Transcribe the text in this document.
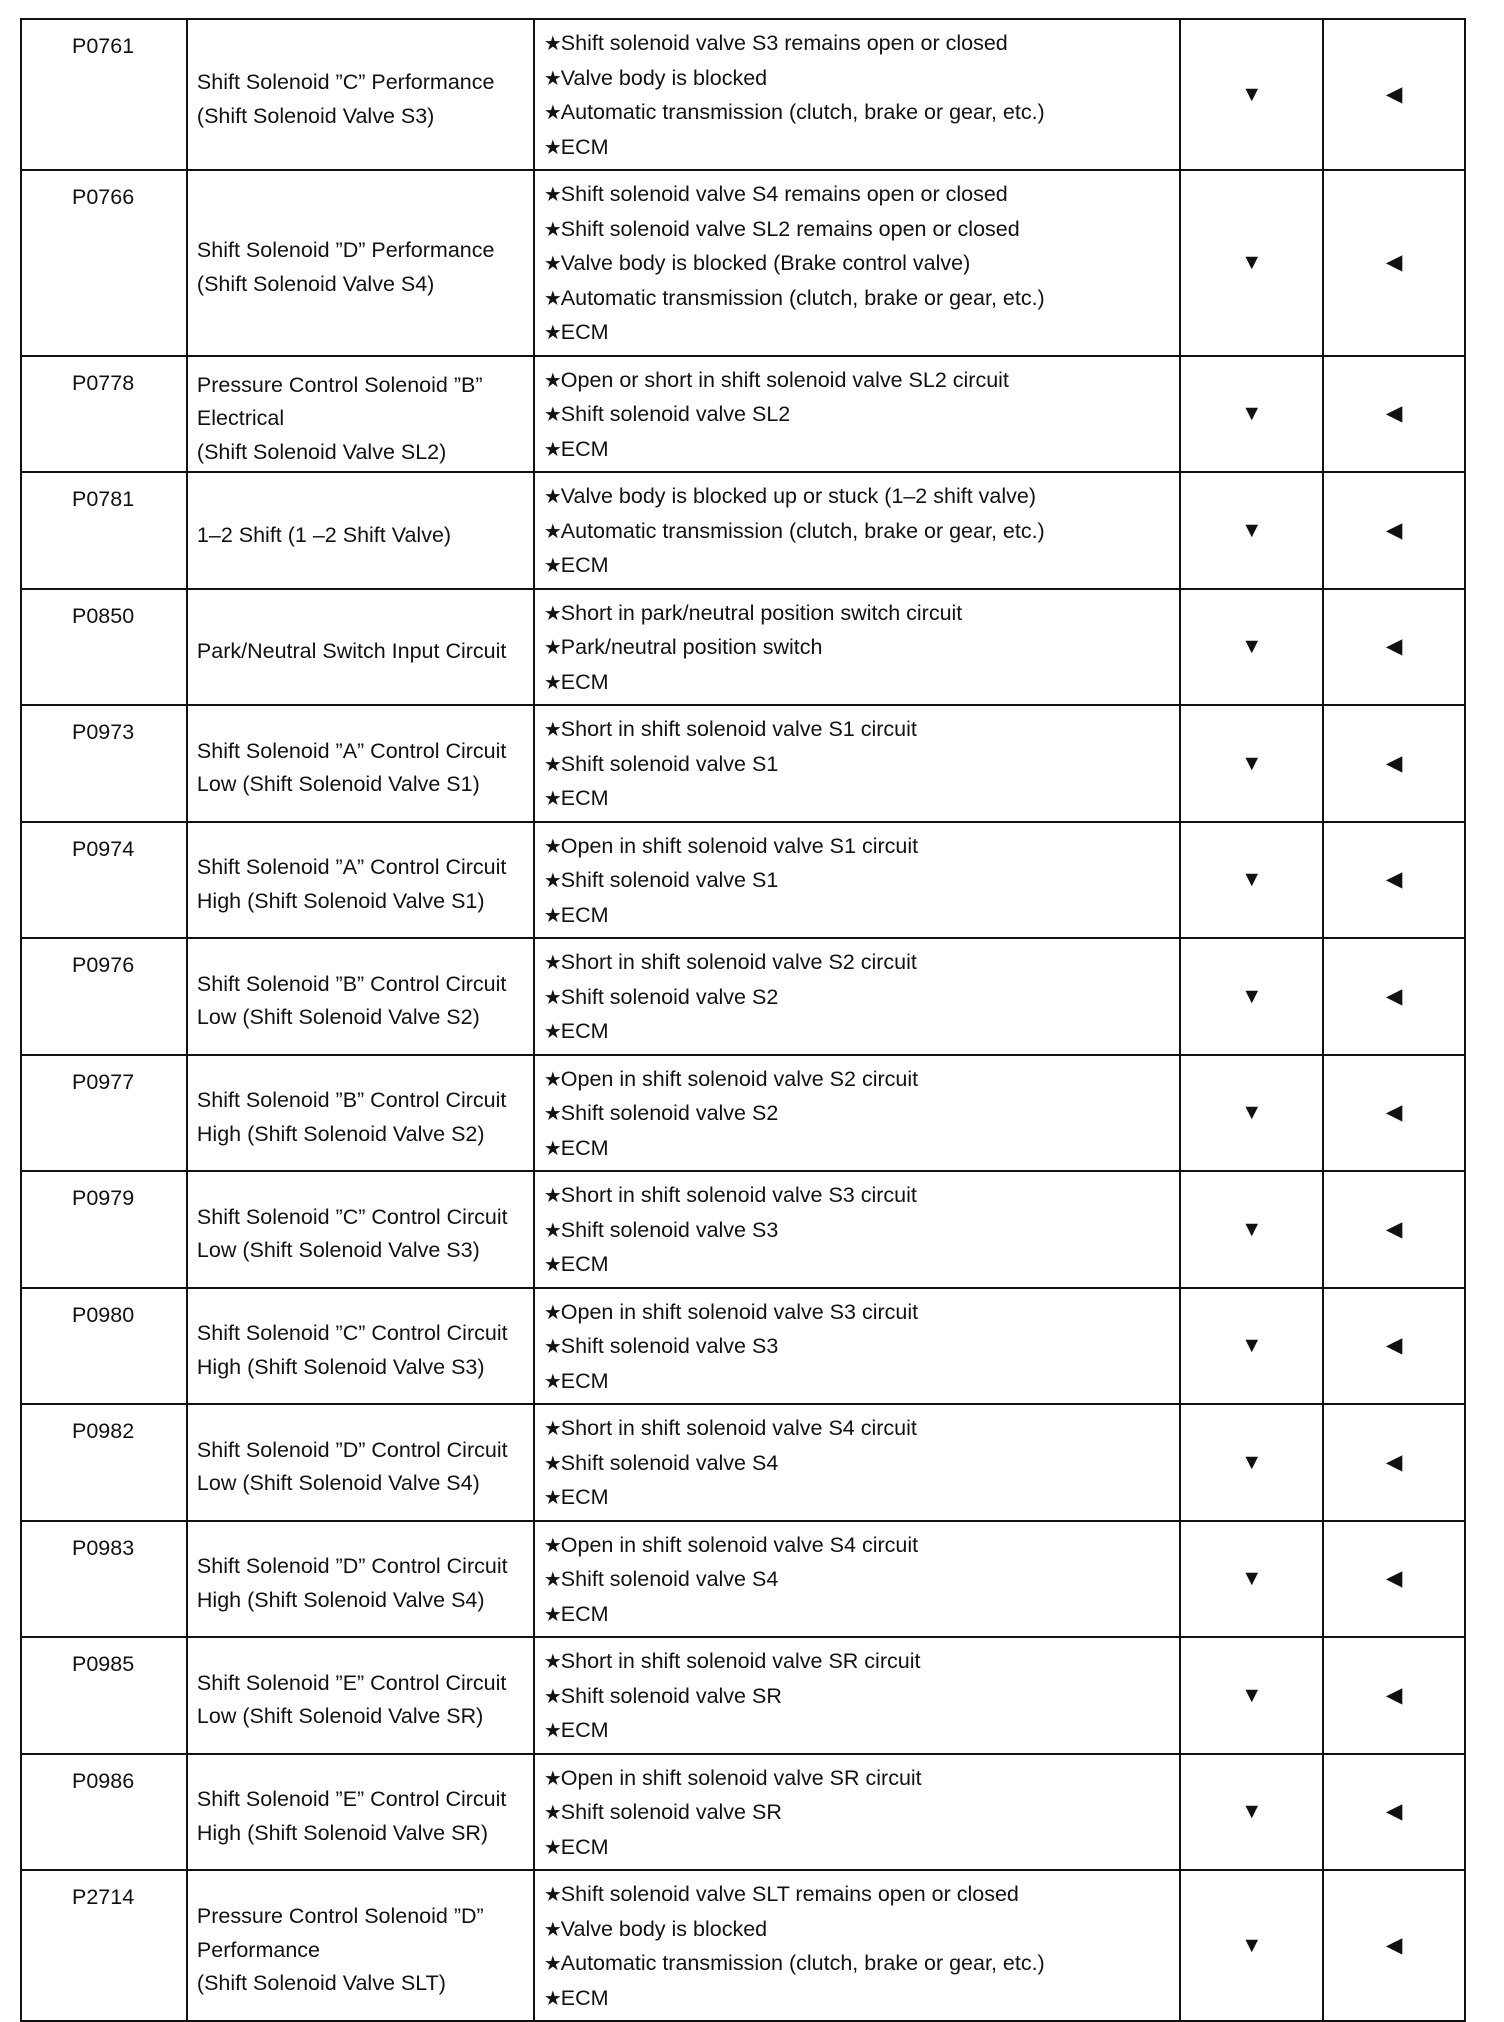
P0761	Shift Solenoid ”C” Performance
(Shift Solenoid Valve S3)	★ Shift solenoid valve S3 remains open or closed
★ Valve body is blocked
★ Automatic transmission (clutch, brake or gear, etc.)
★ ECM	▼	◀
P0766	Shift Solenoid ”D” Performance
(Shift Solenoid Valve S4)	★ Shift solenoid valve S4 remains open or closed
★ Shift solenoid valve SL2 remains open or closed
★ Valve body is blocked (Brake control valve)
★ Automatic transmission (clutch, brake or gear, etc.)
★ ECM	▼	◀
P0778	Pressure Control Solenoid ”B”
Electrical
(Shift Solenoid Valve SL2)	★ Open or short in shift solenoid valve SL2 circuit
★ Shift solenoid valve SL2
★ ECM	▼	◀
P0781	1–2 Shift (1 –2 Shift Valve)	★ Valve body is blocked up or stuck (1–2 shift valve)
★ Automatic transmission (clutch, brake or gear, etc.)
★ ECM	▼	◀
P0850	Park/Neutral Switch Input Circuit	★ Short in park/neutral position switch circuit
★ Park/neutral position switch
★ ECM	▼	◀
P0973	Shift Solenoid ”A” Control Circuit
Low (Shift Solenoid Valve S1)	★ Short in shift solenoid valve S1 circuit
★ Shift solenoid valve S1
★ ECM	▼	◀
P0974	Shift Solenoid ”A” Control Circuit
High (Shift Solenoid Valve S1)	★ Open in shift solenoid valve S1 circuit
★ Shift solenoid valve S1
★ ECM	▼	◀
P0976	Shift Solenoid ”B” Control Circuit
Low (Shift Solenoid Valve S2)	★ Short in shift solenoid valve S2 circuit
★ Shift solenoid valve S2
★ ECM	▼	◀
P0977	Shift Solenoid ”B” Control Circuit
High (Shift Solenoid Valve S2)	★ Open in shift solenoid valve S2 circuit
★ Shift solenoid valve S2
★ ECM	▼	◀
P0979	Shift Solenoid ”C” Control Circuit
Low (Shift Solenoid Valve S3)	★ Short in shift solenoid valve S3 circuit
★ Shift solenoid valve S3
★ ECM	▼	◀
P0980	Shift Solenoid ”C” Control Circuit
High (Shift Solenoid Valve S3)	★ Open in shift solenoid valve S3 circuit
★ Shift solenoid valve S3
★ ECM	▼	◀
P0982	Shift Solenoid ”D” Control Circuit
Low (Shift Solenoid Valve S4)	★ Short in shift solenoid valve S4 circuit
★ Shift solenoid valve S4
★ ECM	▼	◀
P0983	Shift Solenoid ”D” Control Circuit
High (Shift Solenoid Valve S4)	★ Open in shift solenoid valve S4 circuit
★ Shift solenoid valve S4
★ ECM	▼	◀
P0985	Shift Solenoid ”E” Control Circuit
Low (Shift Solenoid Valve SR)	★ Short in shift solenoid valve SR circuit
★ Shift solenoid valve SR
★ ECM	▼	◀
P0986	Shift Solenoid ”E” Control Circuit
High (Shift Solenoid Valve SR)	★ Open in shift solenoid valve SR circuit
★ Shift solenoid valve SR
★ ECM	▼	◀
P2714	Pressure Control Solenoid ”D”
Performance
(Shift Solenoid Valve SLT)	★ Shift solenoid valve SLT remains open or closed
★ Valve body is blocked
★ Automatic transmission (clutch, brake or gear, etc.)
★ ECM	▼	◀
